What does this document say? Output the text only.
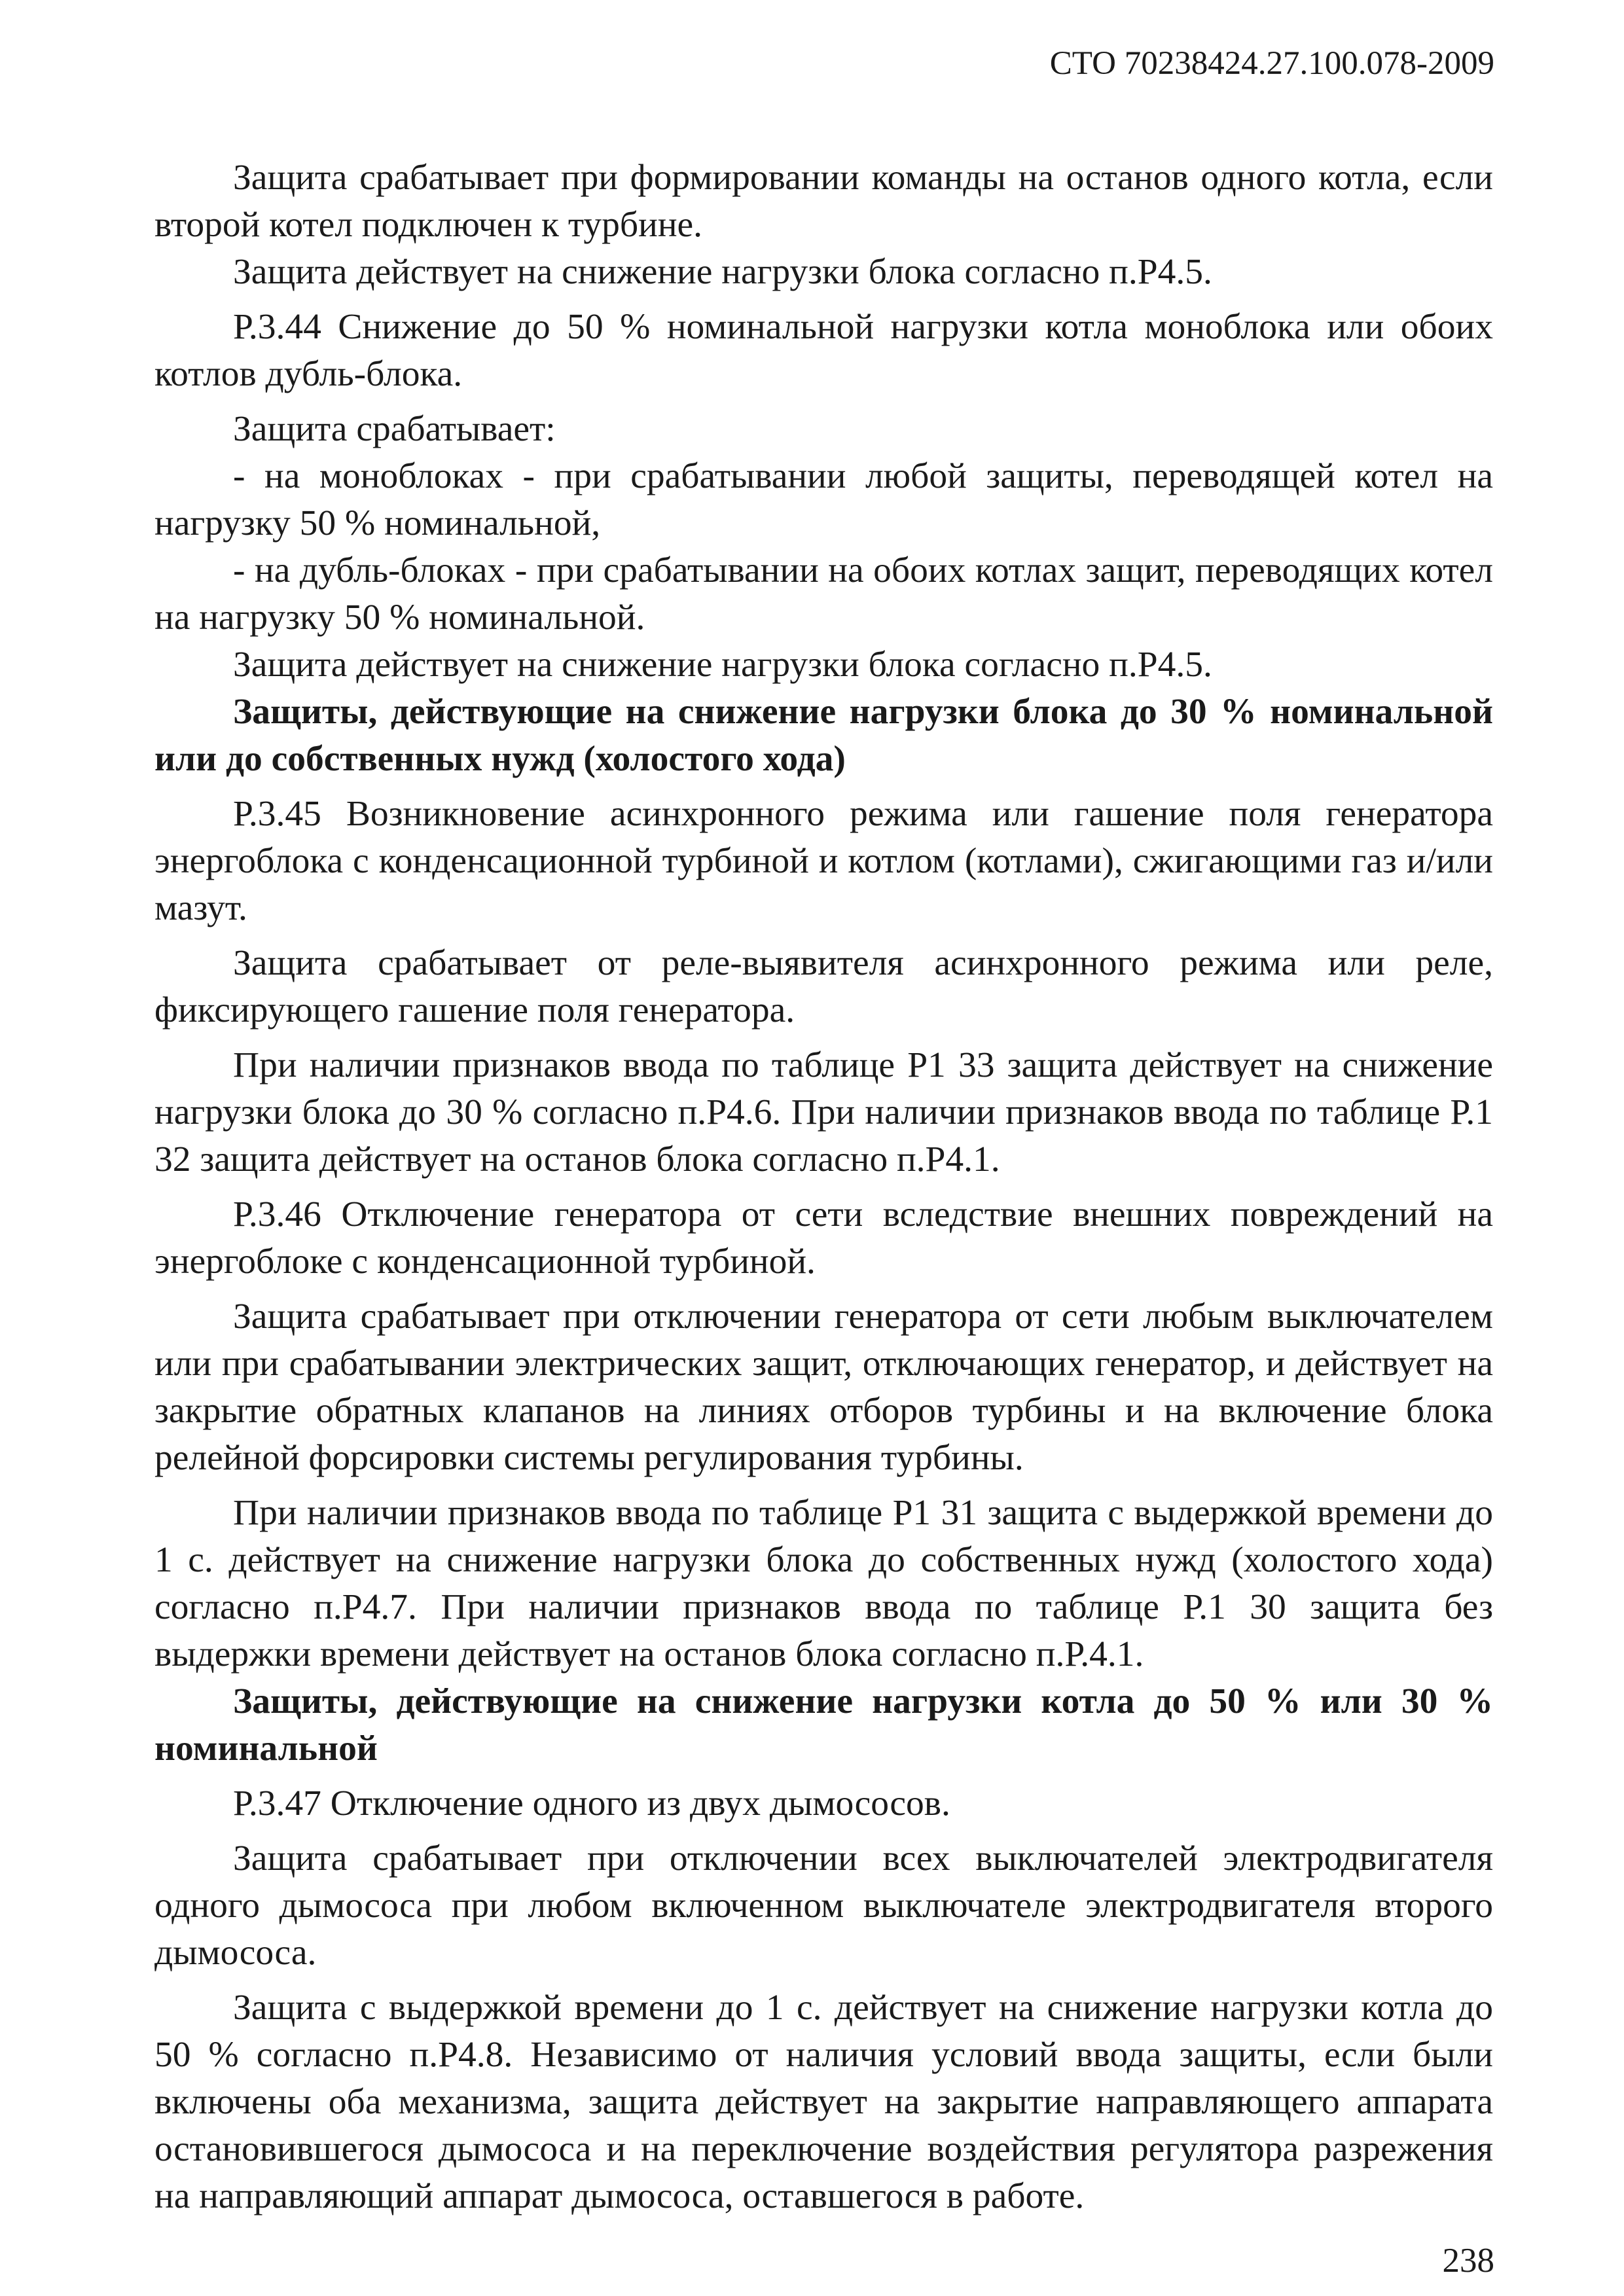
СТО 70238424.27.100.078-2009

Защита срабатывает при формировании команды на останов одного котла, если второй котел подключен к турбине.

Защита действует на снижение нагрузки блока согласно п.Р4.5.

Р.3.44 Снижение до 50 % номинальной нагрузки котла моноблока или обоих котлов дубль-блока.

Защита срабатывает:

- на моноблоках - при срабатывании любой защиты, переводящей котел на нагрузку 50 % номинальной,

- на дубль-блоках - при срабатывании на обоих котлах защит, переводящих котел на нагрузку 50 % номинальной.

Защита действует на снижение нагрузки блока согласно п.Р4.5.

Защиты, действующие на снижение нагрузки блока до 30 % номинальной или до собственных нужд (холостого хода)

Р.3.45 Возникновение асинхронного режима или гашение поля генератора энергоблока с конденсационной турбиной и котлом (котлами), сжигающими газ и/или мазут.

Защита срабатывает от реле-выявителя асинхронного режима или реле, фиксирующего гашение поля генератора.

При наличии признаков ввода по таблице Р1 33 защита действует на снижение нагрузки блока до 30 % согласно п.Р4.6. При наличии признаков ввода по таблице Р.1 32 защита действует на останов блока согласно п.Р4.1.

Р.3.46 Отключение генератора от сети вследствие внешних повреждений на энергоблоке с конденсационной турбиной.

Защита срабатывает при отключении генератора от сети любым выключателем или при срабатывании электрических защит, отключающих генератор, и действует на закрытие обратных клапанов на линиях отборов турбины и на включение блока релейной форсировки системы регулирования турбины.

При наличии признаков ввода по таблице Р1 31 защита с выдержкой времени до 1 с. действует на снижение нагрузки блока до собственных нужд (холостого хода) согласно п.Р4.7. При наличии признаков ввода по таблице Р.1 30 защита без выдержки времени действует на останов блока согласно п.Р.4.1.

Защиты, действующие на снижение нагрузки котла до 50 % или 30 % номинальной

Р.3.47 Отключение одного из двух дымососов.

Защита срабатывает при отключении всех выключателей электродвигателя одного дымососа при любом включенном выключателе электродвигателя второго дымососа.

Защита с выдержкой времени до 1 с. действует на снижение нагрузки котла до 50 % согласно п.Р4.8. Независимо от наличия условий ввода защиты, если были включены оба механизма, защита действует на закрытие направляющего аппарата остановившегося дымососа и на переключение воздействия регулятора разрежения на направляющий аппарат дымососа, оставшегося в работе.

238
